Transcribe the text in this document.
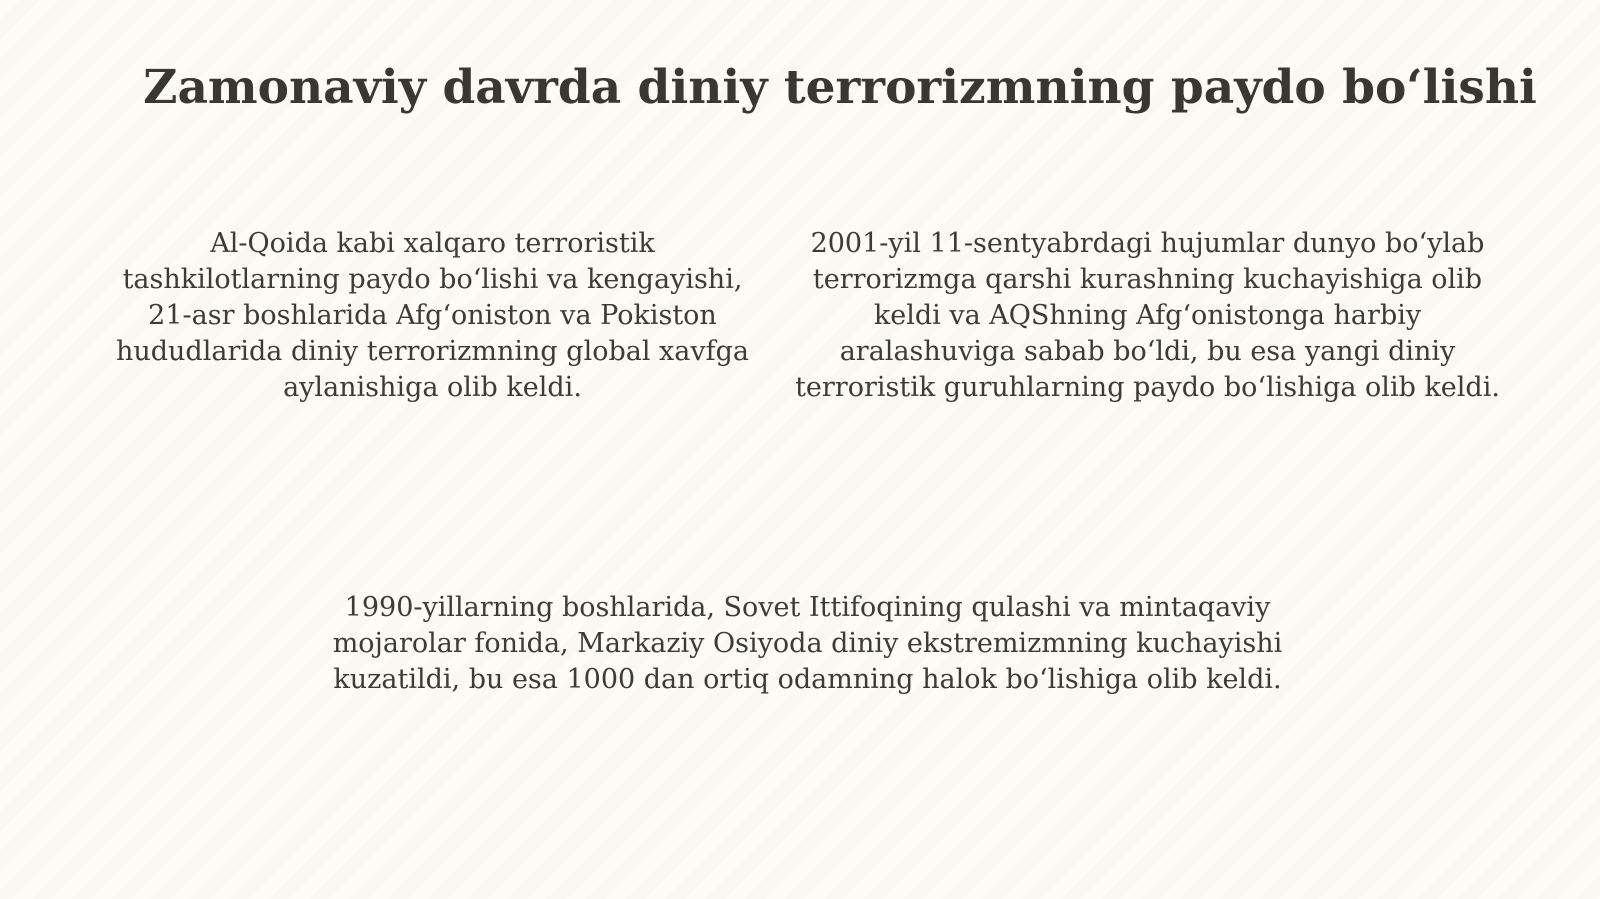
Zamonaviy davrda diniy terrorizmning paydo bo‘lishi

Al-Qoida kabi xalqaro terroristik tashkilotlarning paydo bo‘lishi va kengayishi, 21-asr boshlarida Afg‘oniston va Pokiston hududlarida diniy terrorizmning global xavfga aylanishiga olib keldi.

2001-yil 11-sentyabrdagi hujumlar dunyo bo‘ylab terrorizmga qarshi kurashning kuchayishiga olib keldi va AQShning Afg‘onistonga harbiy aralashuviga sabab bo‘ldi, bu esa yangi diniy terroristik guruhlarning paydo bo‘lishiga olib keldi.

1990-yillarning boshlarida, Sovet Ittifoqining qulashi va mintaqaviy mojarolar fonida, Markaziy Osiyoda diniy ekstremizmning kuchayishi kuzatildi, bu esa 1000 dan ortiq odamning halok bo‘lishiga olib keldi.
